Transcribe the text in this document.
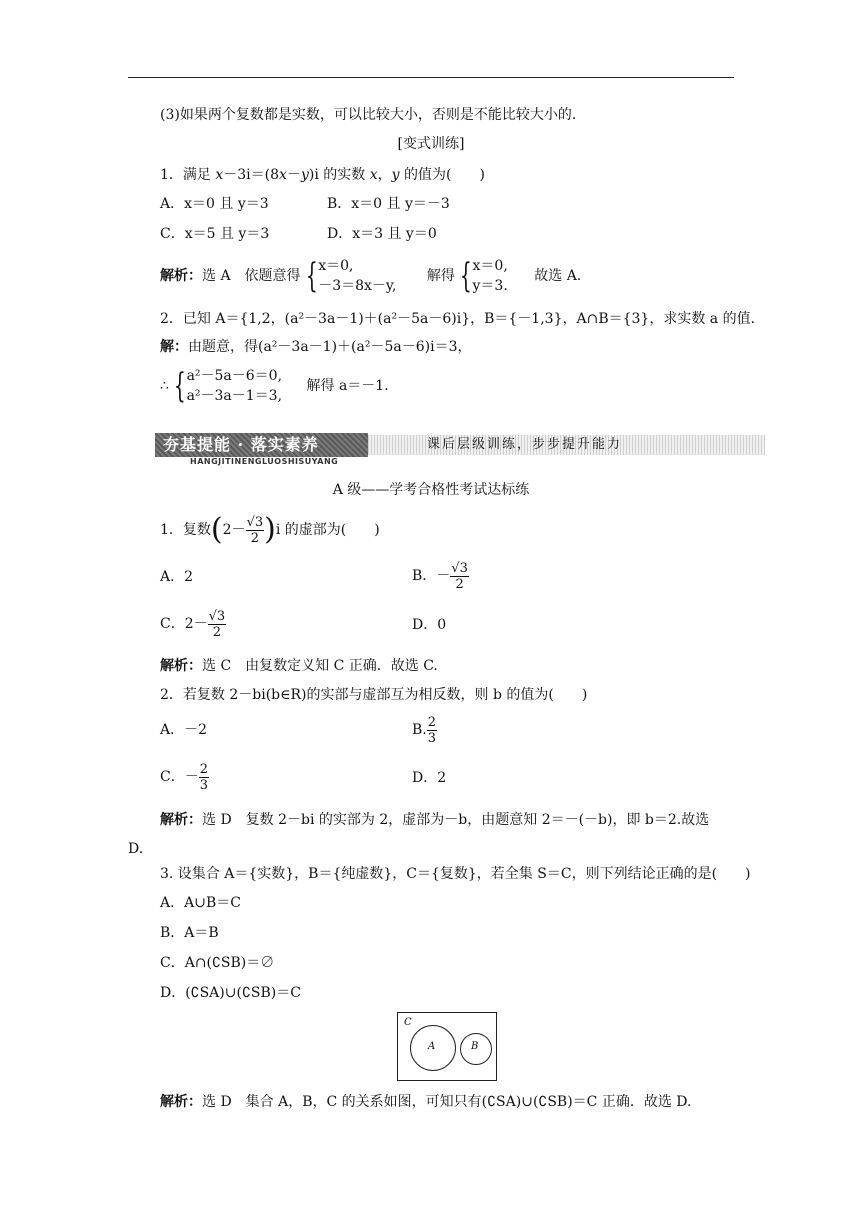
(3)如果两个复数都是实数，可以比较大小，否则是不能比较大小的．
[变式训练]
1．满足 x－3i＝(8x－y)i 的实数 x，y 的值为(　　)
A．x＝0 且 y＝3	B．x＝0 且 y＝－3
C．x＝5 且 y＝3	D．x＝3 且 y＝0
解析：选 A　依题意得 { x＝0,
－3＝8x－y,
解得 { x＝0,
y＝3.
故选 A.
2．已知 A＝{1,2，(a²－3a－1)＋(a²－5a－6)i}，B＝{－1,3}，A∩B＝{3}，求实数 a 的值．
解：由题意，得(a²－3a－1)＋(a²－5a－6)i＝3，
∴ { a²－5a－6＝0,
a²－3a－1＝3,
解得 a＝－1.
夯基提能 · 落实素养
HANGJITINENGLUOSHISUYANG
课后层级训练，步步提升能力
A 级——学考合格性考试达标练
1．复数$(2- \frac{√3}{2} )i$ 的虚部为(　　)
A．2	B．－ $\frac{√3}{2}$
C．$2- \frac{√3}{2}$	D．0
解析：选 C　由复数定义知 C 正确．故选 C.
2．若复数 2－bi(b∈R)的实部与虚部互为相反数，则 b 的值为(　　)
A．－2	B. $\frac{2}{3}$
C．－ $\frac{2}{3}$	D．2
解析：选 D　复数 2－bi 的实部为 2，虚部为－b，由题意知 2＝－(－b)，即 b＝2.故选
D.
3. 设集合 A＝{实数}，B＝{纯虚数}，C＝{复数}，若全集 S＝C，则下列结论正确的是(　　)
A．A∪B＝C
B．A＝B
C．A∩(∁SB)＝∅
D．(∁SA)∪(∁SB)＝C
C
A	B
解析：选 D　集合 A，B，C 的关系如图，可知只有(∁SA)∪(∁SB)＝C 正确．故选 D.
